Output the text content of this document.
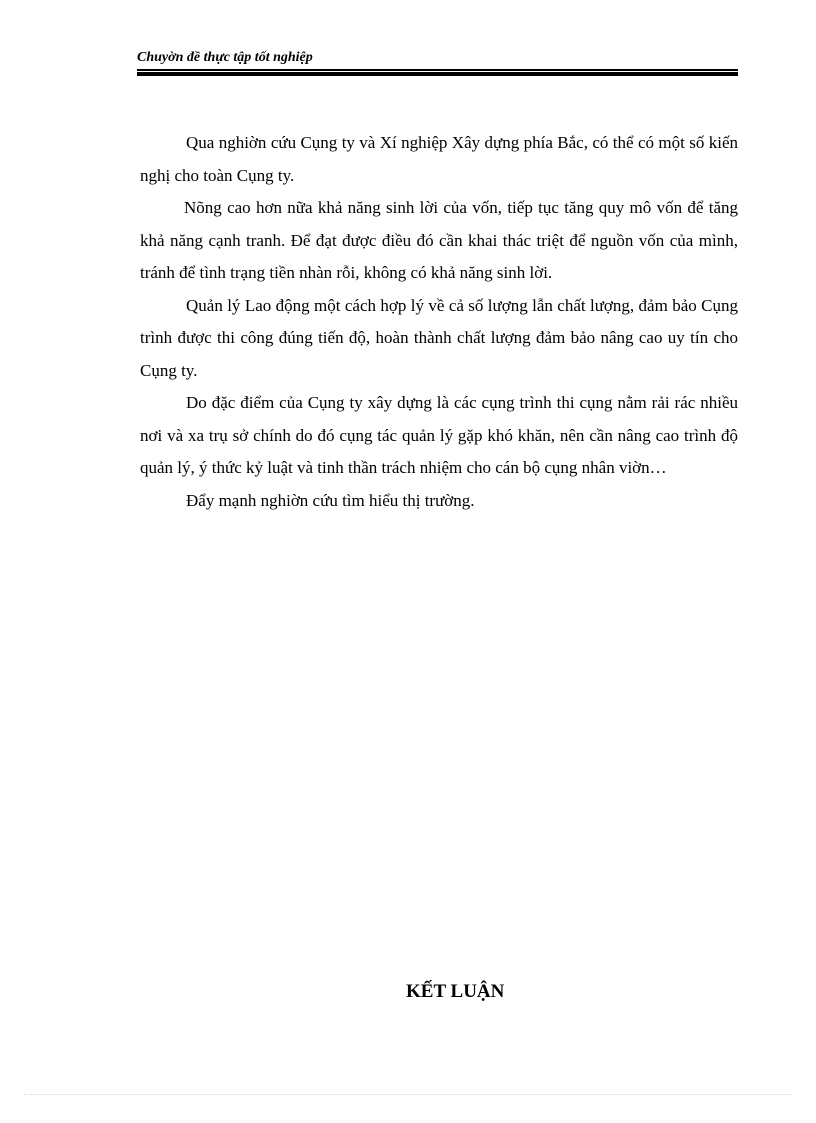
Chuyờn đề thực tập tốt nghiệp

Qua nghiờn cứu Cụng ty và Xí nghiệp Xây dựng phía Bắc, có thể có một số kiến nghị cho toàn Cụng ty.

Nõng cao hơn nữa khả năng sinh lời của vốn, tiếp tục tăng quy mô vốn để tăng khả năng cạnh tranh. Để đạt được điều đó cần khai thác triệt để nguồn vốn của mình, tránh để tình trạng tiền nhàn rỗi, không có khả năng sinh lời.

Quản lý Lao động một cách hợp lý về cả số lượng lẫn chất lượng, đảm bảo Cụng trình được thi công đúng tiến độ, hoàn thành chất lượng đảm bảo nâng cao uy tín cho Cụng ty.

Do đặc điểm của Cụng ty xây dựng là các cụng trình thi cụng nằm rải rác nhiều nơi và xa trụ sở chính do đó cụng tác quản lý gặp khó khăn, nên cần nâng cao trình độ quản lý, ý thức kỷ luật và tinh thần trách nhiệm cho cán bộ cụng nhân viờn…

Đẩy mạnh nghiờn cứu tìm hiểu thị trường.

KẾT LUẬN
